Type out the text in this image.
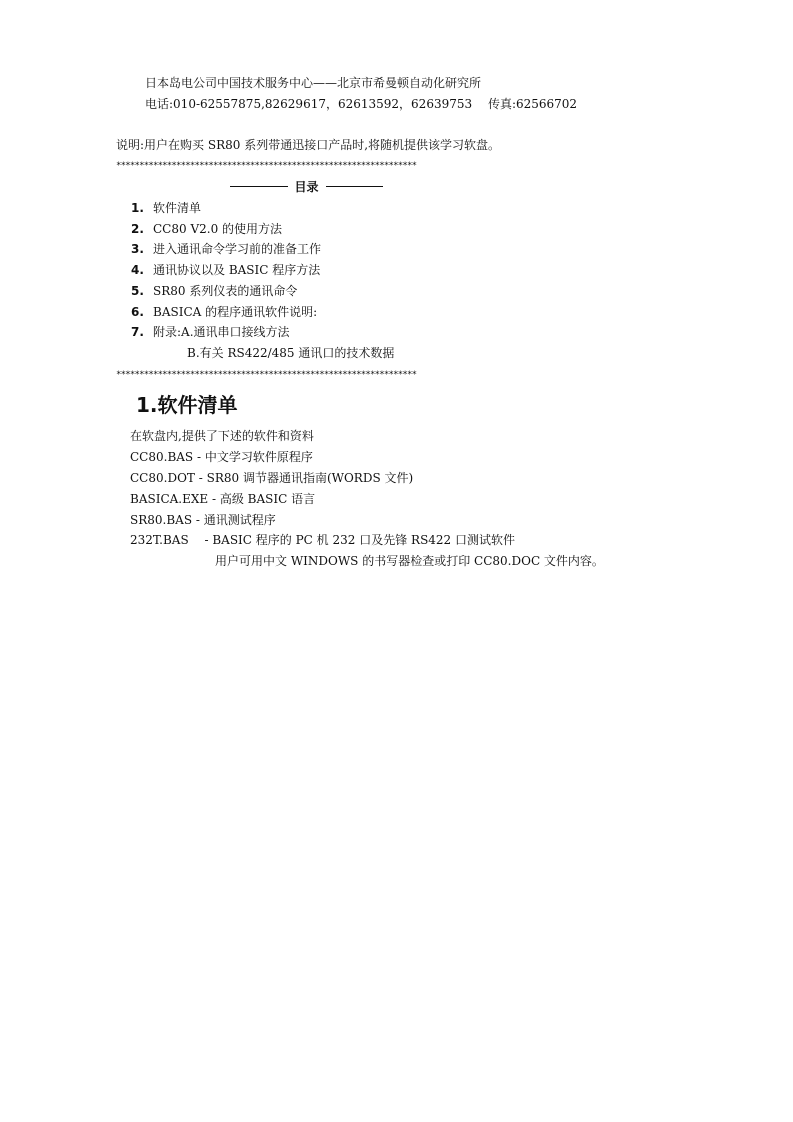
日本岛电公司中国技术服务中心——北京市希曼顿自动化研究所
电话:010-62557875,82629617，62613592，62639753　 传真:62566702
说明:用户在购买 SR80 系列带通迅接口产品时,将随机提供该学习软盘。
*****************************************************************
目录
1. 软件清单
2. CC80 V2.0 的使用方法
3. 进入通讯命令学习前的准备工作
4. 通讯协议以及 BASIC 程序方法
5. SR80 系列仪表的通讯命令
6. BASICA 的程序通讯软件说明:
7. 附录:A.通讯串口接线方法
B.有关 RS422/485 通讯口的技术数据
*****************************************************************
1.软件清单
在软盘内,提供了下述的软件和资料
CC80.BAS - 中文学习软件原程序
CC80.DOT - SR80 调节器通讯指南(WORDS 文件)
BASICA.EXE - 高级 BASIC 语言
SR80.BAS - 通讯测试程序
232T.BAS　 - BASIC 程序的 PC 机 232 口及先锋 RS422 口测试软件
用户可用中文 WINDOWS 的书写器检查或打印 CC80.DOC 文件内容。
